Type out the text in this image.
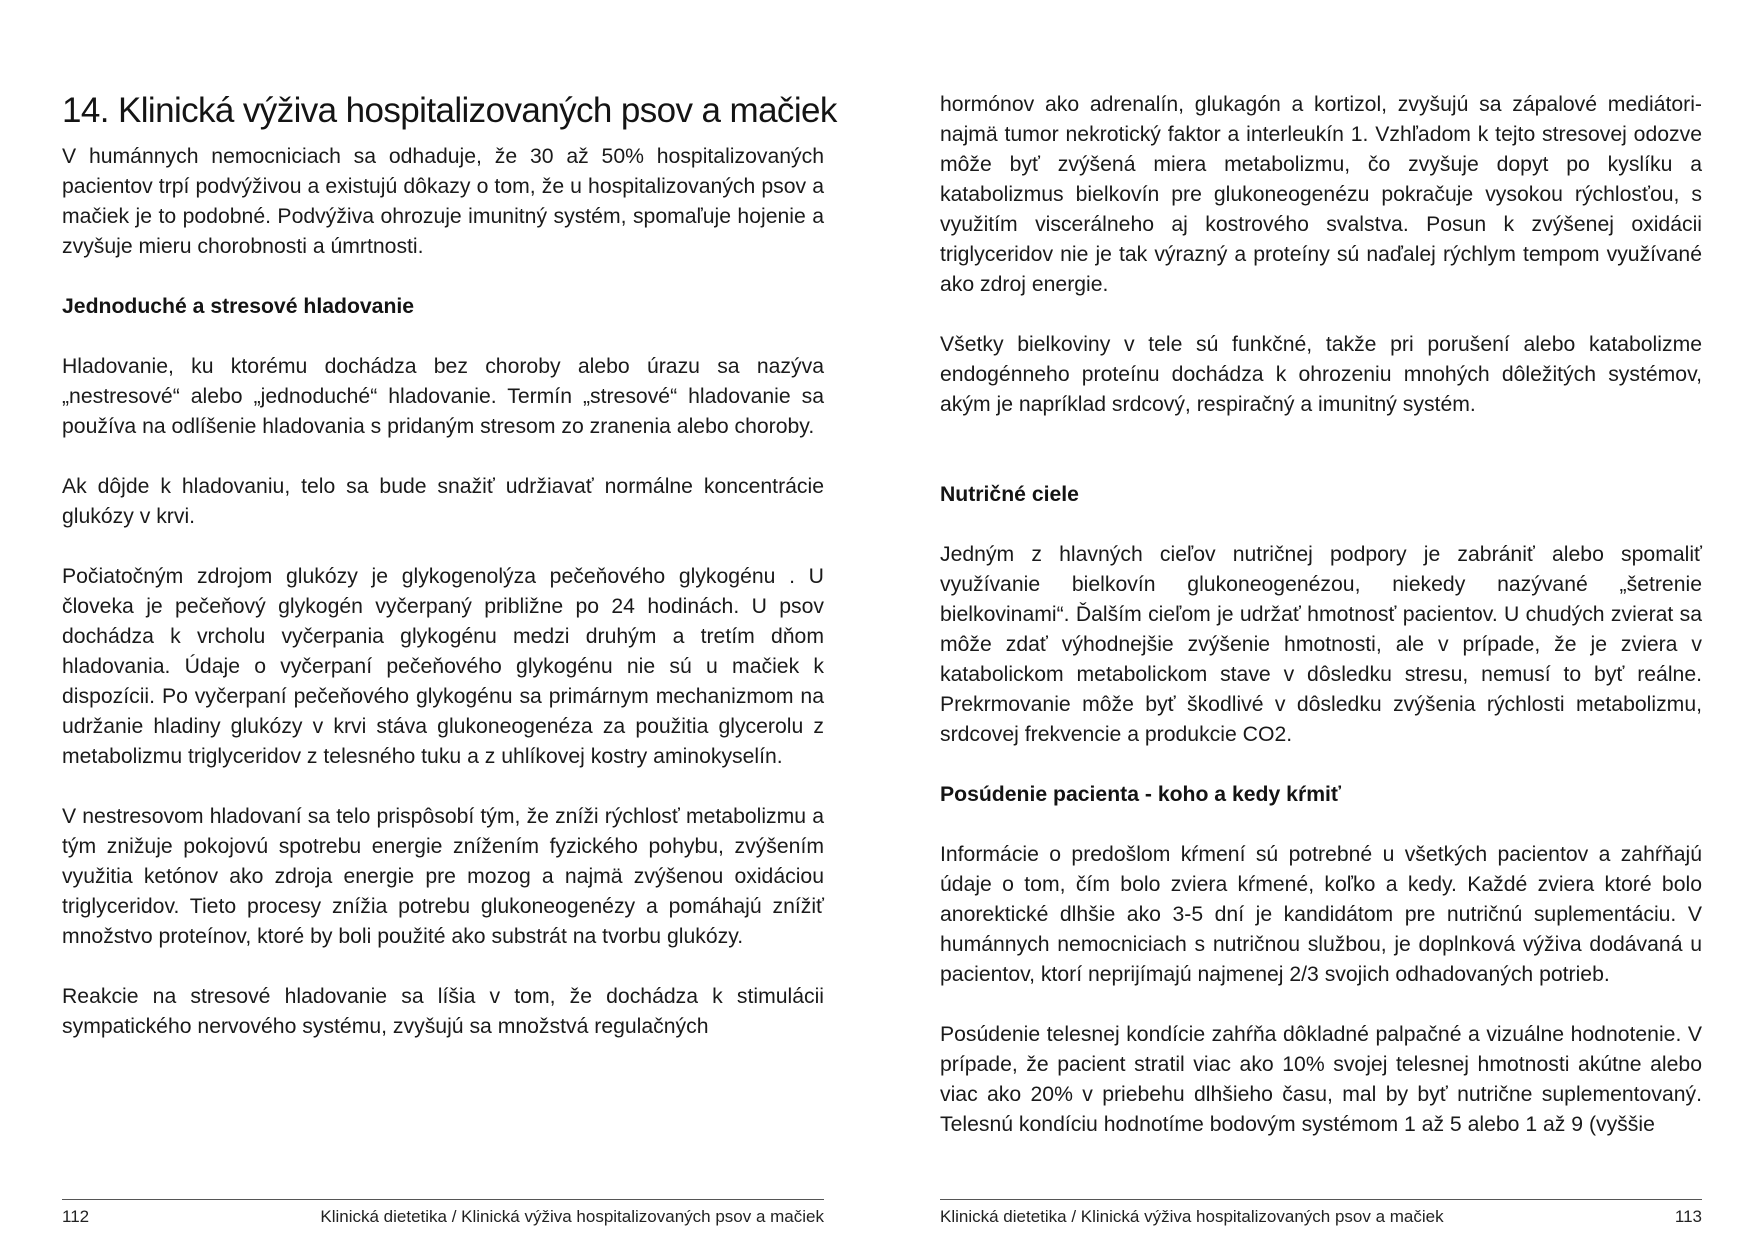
14. Klinická výživa hospitalizovaných psov a mačiek

V humánnych nemocniciach sa odhaduje, že 30 až 50% hospitalizovaných pacientov trpí podvýživou a existujú dôkazy o tom, že u hospitalizovaných psov a mačiek je to podobné. Podvýživa ohrozuje imunitný systém, spomaľuje hojenie a zvyšuje mieru chorobnosti a úmrtnosti.

Jednoduché a stresové hladovanie

Hladovanie, ku ktorému dochádza bez choroby alebo úrazu sa nazýva „nestresové“ alebo „jednoduché“ hladovanie. Termín „stresové“ hladovanie sa používa na odlíšenie hladovania s pridaným stresom zo zranenia alebo choroby.

Ak dôjde k hladovaniu, telo sa bude snažiť udržiavať normálne koncentrácie glukózy v krvi.

Počiatočným zdrojom glukózy je glykogenolýza pečeňového glykogénu . U človeka je pečeňový glykogén vyčerpaný približne po 24 hodinách. U psov dochádza k vrcholu vyčerpania glykogénu medzi druhým a tretím dňom hladovania. Údaje o vyčerpaní pečeňového glykogénu nie sú u mačiek k dispozícii. Po vyčerpaní pečeňového glykogénu sa primárnym mechanizmom na udržanie hladiny glukózy v krvi stáva glukoneogenéza za použitia glycerolu z metabolizmu triglyceridov z telesného tuku a z uhlíkovej kostry aminokyselín.

V nestresovom hladovaní sa telo prispôsobí tým, že zníži rýchlosť metabolizmu a tým znižuje pokojovú spotrebu energie znížením fyzického pohybu, zvýšením využitia ketónov ako zdroja energie pre mozog a najmä zvýšenou oxidáciou triglyceridov. Tieto procesy znížia potrebu glukoneogenézy a pomáhajú znížiť množstvo proteínov, ktoré by boli použité ako substrát na tvorbu glukózy.

Reakcie na stresové hladovanie sa líšia v tom, že dochádza k stimulácii sympatického nervového systému, zvyšujú sa množstvá regulačných

112	Klinická dietetika / Klinická výživa hospitalizovaných psov a mačiek

hormónov ako adrenalín, glukagón a kortizol, zvyšujú sa zápalové mediátori-najmä tumor nekrotický faktor a interleukín 1. Vzhľadom k tejto stresovej odozve môže byť zvýšená miera metabolizmu, čo zvyšuje dopyt po kyslíku a katabolizmus bielkovín pre glukoneogenézu pokračuje vysokou rýchlosťou, s využitím viscerálneho aj kostrového svalstva. Posun k zvýšenej oxidácii triglyceridov nie je tak výrazný a proteíny sú naďalej rýchlym tempom využívané ako zdroj energie.

Všetky bielkoviny v tele sú funkčné, takže pri porušení alebo katabolizme endogénneho proteínu dochádza k ohrozeniu mnohých dôležitých systémov, akým je napríklad srdcový, respiračný a imunitný systém.

Nutričné ciele

Jedným z hlavných cieľov nutričnej podpory je zabrániť alebo spomaliť využívanie bielkovín glukoneogenézou, niekedy nazývané „šetrenie bielkovinami“. Ďalším cieľom je udržať hmotnosť pacientov. U chudých zvierat sa môže zdať výhodnejšie zvýšenie hmotnosti, ale v prípade, že je zviera v katabolickom metabolickom stave v dôsledku stresu, nemusí to byť reálne. Prekrmovanie môže byť škodlivé v dôsledku zvýšenia rýchlosti metabolizmu, srdcovej frekvencie a produkcie CO2.

Posúdenie pacienta - koho a kedy kŕmiť

Informácie o predošlom kŕmení sú potrebné u všetkých pacientov a zahŕňajú údaje o tom, čím bolo zviera kŕmené, koľko a kedy. Každé zviera ktoré bolo anorektické dlhšie ako 3-5 dní je kandidátom pre nutričnú suplementáciu. V humánnych nemocniciach s nutričnou službou, je doplnková výživa dodávaná u pacientov, ktorí neprijímajú najmenej 2/3 svojich odhadovaných potrieb.

Posúdenie telesnej kondície zahŕňa dôkladné palpačné a vizuálne hodnotenie. V prípade, že pacient stratil viac ako 10% svojej telesnej hmotnosti akútne alebo viac ako 20% v priebehu dlhšieho času, mal by byť nutrične suplementovaný. Telesnú kondíciu hodnotíme bodovým systémom 1 až 5 alebo 1 až 9 (vyššie

Klinická dietetika / Klinická výživa hospitalizovaných psov a mačiek	113
